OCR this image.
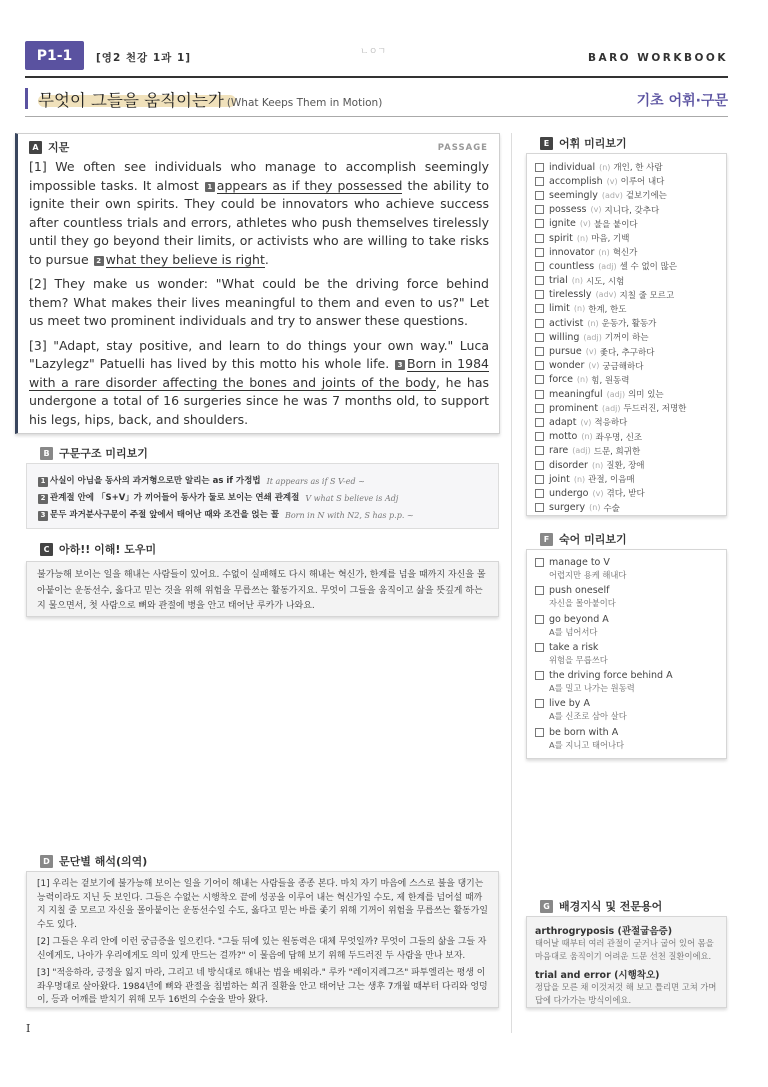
P1-1	[영2 천강 1과 1]	ㄴㅇㄱ	BARO WORKBOOK
무엇이 그들을 움직이는가 (What Keeps Them in Motion)	기초 어휘·구문
A 지문	PASSAGE

[1] We often see individuals who manage to accomplish seemingly impossible tasks. It almost 1 appears as if they possessed the ability to ignite their own spirits. They could be innovators who achieve success after countless trials and errors, athletes who push themselves tirelessly until they go beyond their limits, or activists who are willing to take risks to pursue 2 what they believe is right.

[2] They make us wonder: "What could be the driving force behind them? What makes their lives meaningful to them and even to us?" Let us meet two prominent individuals and try to answer these questions.

[3] "Adapt, stay positive, and learn to do things your own way." Luca "Lazylegz" Patuelli has lived by this motto his whole life. 3 Born in 1984 with a rare disorder affecting the bones and joints of the body, he has undergone a total of 16 surgeries since he was 7 months old, to support his legs, hips, back, and shoulders.

B 구문구조 미리보기
1 사실이 아님을 동사의 과거형으로만 알리는 as if 가정법 It appears as if S V-ed ~
2 관계절 안에 「S+V」가 끼어들어 동사가 둘로 보이는 연쇄 관계절 V what S believe is Adj
3 문두 과거분사구문이 주절 앞에서 태어난 때와 조건을 얹는 꼴 Born in N with N2, S has p.p. ~
C 아하!! 이해! 도우미
불가능해 보이는 일을 해내는 사람들이 있어요. 수없이 실패해도 다시 해내는 혁신가, 한계를 넘을 때까지 자신을 몰아붙이는 운동선수, 옳다고 믿는 것을 위해 위험을 무릅쓰는 활동가지요. 무엇이 그들을 움직이고 삶을 뜻깊게 하는지 물으면서, 첫 사람으로 뼈와 관절에 병을 안고 태어난 루카가 나와요.
D 문단별 해석(의역)

[1] 우리는 겉보기에 불가능해 보이는 일을 기어이 해내는 사람들을 종종 본다. 마치 자기 마음에 스스로 불을 댕기는 능력이라도 지닌 듯 보인다. 그들은 수없는 시행착오 끝에 성공을 이루어 내는 혁신가일 수도, 제 한계를 넘어설 때까지 지칠 줄 모르고 자신을 몰아붙이는 운동선수일 수도, 옳다고 믿는 바를 좇기 위해 기꺼이 위험을 무릅쓰는 활동가일 수도 있다.

[2] 그들은 우리 안에 이런 궁금증을 일으킨다. "그들 뒤에 있는 원동력은 대체 무엇일까? 무엇이 그들의 삶을 그들 자신에게도, 나아가 우리에게도 의미 있게 만드는 걸까?" 이 물음에 답해 보기 위해 두드러진 두 사람을 만나 보자.

[3] "적응하라, 긍정을 잃지 마라, 그리고 네 방식대로 해내는 법을 배워라." 루카 "레이지레그즈" 파투엘리는 평생 이 좌우명대로 살아왔다. 1984년에 뼈와 관절을 침범하는 희귀 질환을 안고 태어난 그는 생후 7개월 때부터 다리와 엉덩이, 등과 어깨를 받치기 위해 모두 16번의 수술을 받아 왔다.

E 어휘 미리보기
individual (n) 개인, 한 사람
accomplish (v) 이루어 내다
seemingly (adv) 겉보기에는
possess (v) 지니다, 갖추다
ignite (v) 불을 붙이다
spirit (n) 마음, 기백
innovator (n) 혁신가
countless (adj) 셀 수 없이 많은
trial (n) 시도, 시험
tirelessly (adv) 지칠 줄 모르고
limit (n) 한계, 한도
activist (n) 운동가, 활동가
willing (adj) 기꺼이 하는
pursue (v) 좇다, 추구하다
wonder (v) 궁금해하다
force (n) 힘, 원동력
meaningful (adj) 의미 있는
prominent (adj) 두드러진, 저명한
adapt (v) 적응하다
motto (n) 좌우명, 신조
rare (adj) 드문, 희귀한
disorder (n) 질환, 장애
joint (n) 관절, 이음매
undergo (v) 겪다, 받다
surgery (n) 수술
F 숙어 미리보기
manage to V
어렵지만 용케 해내다
push oneself
자신을 몰아붙이다
go beyond A
A를 넘어서다
take a risk
위험을 무릅쓰다
the driving force behind A
A를 밀고 나가는 원동력
live by A
A를 신조로 삼아 살다
be born with A
A를 지니고 태어나다
G 배경지식 및 전문용어
arthrogryposis (관절굽음증)
태어날 때부터 여러 관절이 굳거나 굽어 있어 몸을 마음대로 움직이기 어려운 드문 선천 질환이에요.
trial and error (시행착오)
정답을 모른 채 이것저것 해 보고 틀리면 고쳐 가며 답에 다가가는 방식이에요.
I
